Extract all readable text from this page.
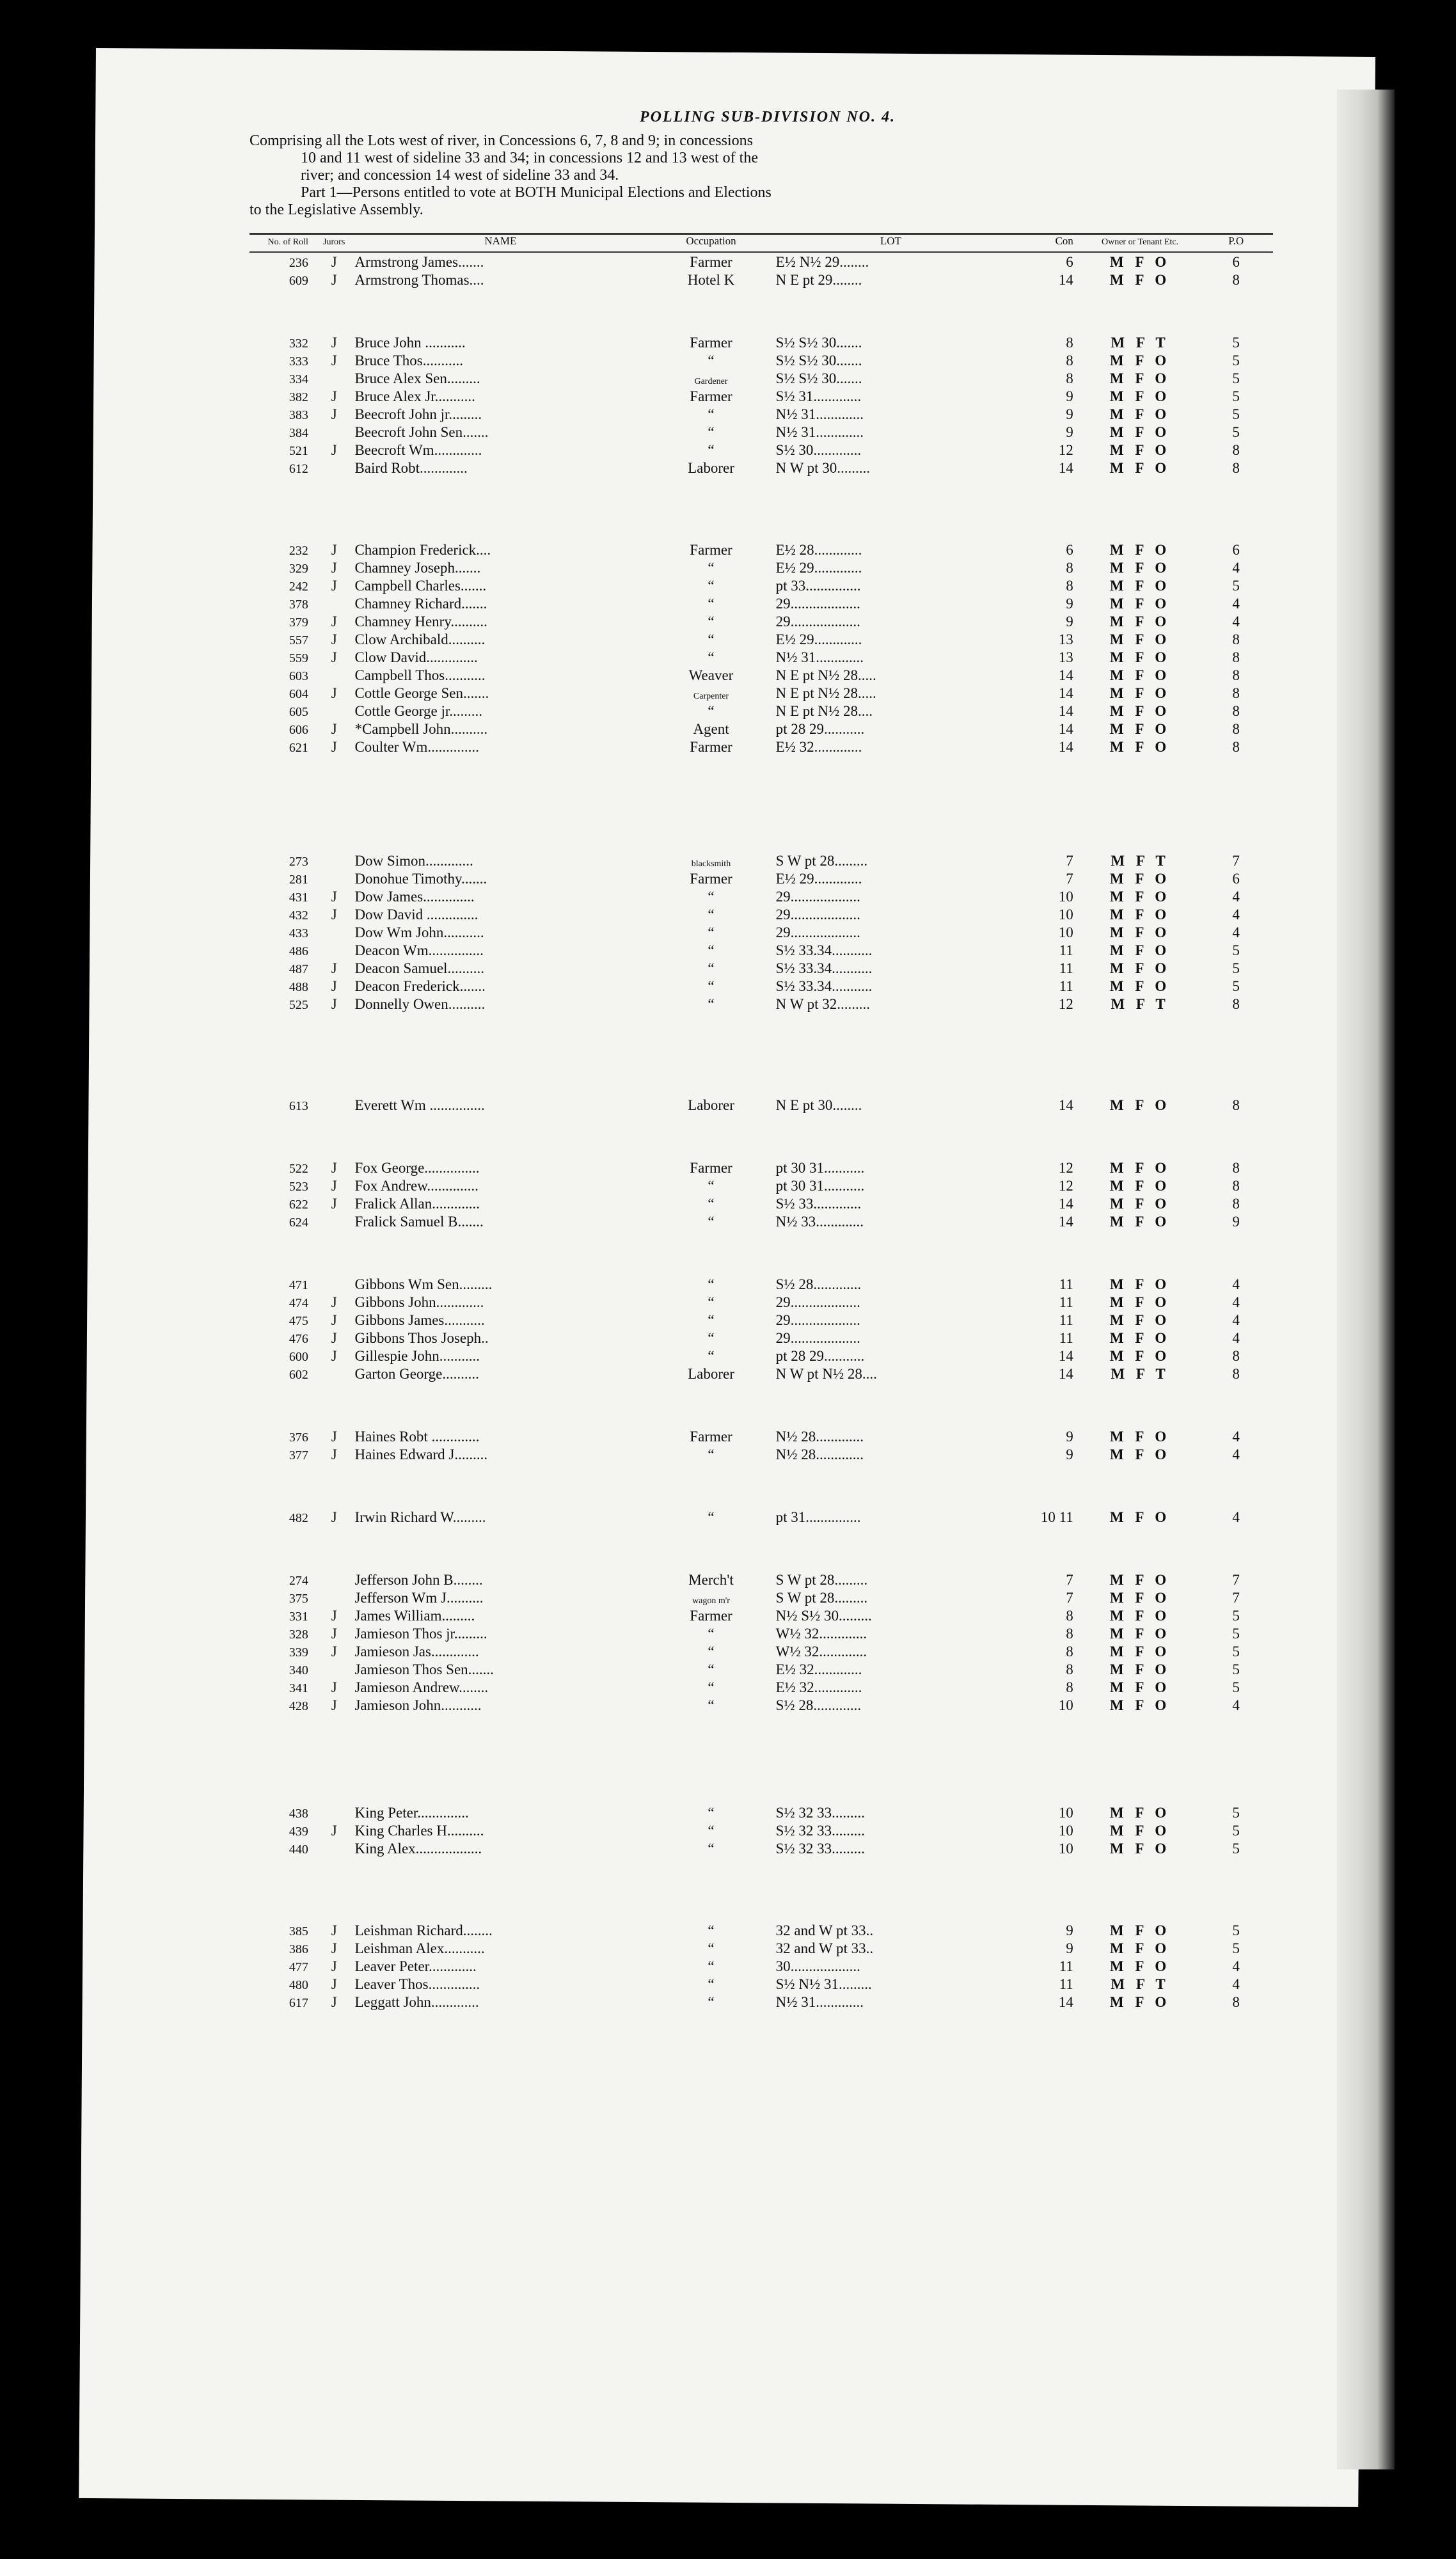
POLLING SUB-DIVISION NO. 4.

Comprising all the Lots west of river, in Concessions 6, 7, 8 and 9; in concessions

10 and 11 west of sideline 33 and 34; in concessions 12 and 13 west of the

river; and concession 14 west of sideline 33 and 34.

Part 1—Persons entitled to vote at BOTH Municipal Elections and Elections

to the Legislative Assembly.

No. of Roll	Jurors	NAME	Occupation	LOT	Con	Owner or Tenant Etc.	P.O
236	J	Armstrong James.......	Farmer	E½ N½ 29........	6	M F O	6
609	J	Armstrong Thomas....	Hotel K	N E pt 29........	14	M F O	8

332	J	Bruce John ...........	Farmer	S½ S½ 30.......	8	M F T	5
333	J	Bruce Thos...........	“	S½ S½ 30.......	8	M F O	5
334		Bruce Alex Sen.........	Gardener	S½ S½ 30.......	8	M F O	5
382	J	Bruce Alex Jr...........	Farmer	S½ 31.............	9	M F O	5
383	J	Beecroft John jr.........	“	N½ 31.............	9	M F O	5
384		Beecroft John Sen.......	“	N½ 31.............	9	M F O	5
521	J	Beecroft Wm.............	“	S½ 30.............	12	M F O	8
612		Baird Robt.............	Laborer	N W pt 30.........	14	M F O	8

232	J	Champion Frederick....	Farmer	E½ 28.............	6	M F O	6
329	J	Chamney Joseph.......	“	E½ 29.............	8	M F O	4
242	J	Campbell Charles.......	“	pt 33...............	8	M F O	5
378		Chamney Richard.......	“	29...................	9	M F O	4
379	J	Chamney Henry..........	“	29...................	9	M F O	4
557	J	Clow Archibald..........	“	E½ 29.............	13	M F O	8
559	J	Clow David..............	“	N½ 31.............	13	M F O	8
603		Campbell Thos...........	Weaver	N E pt N½ 28.....	14	M F O	8
604	J	Cottle George Sen.......	Carpenter	N E pt N½ 28.....	14	M F O	8
605		Cottle George jr.........	“	N E pt N½ 28....	14	M F O	8
606	J	*Campbell John..........	Agent	pt 28 29...........	14	M F O	8
621	J	Coulter Wm..............	Farmer	E½ 32.............	14	M F O	8

273		Dow Simon.............	blacksmith	S W pt 28.........	7	M F T	7
281		Donohue Timothy.......	Farmer	E½ 29.............	7	M F O	6
431	J	Dow James..............	“	29...................	10	M F O	4
432	J	Dow David ..............	“	29...................	10	M F O	4
433		Dow Wm John...........	“	29...................	10	M F O	4
486		Deacon Wm...............	“	S½ 33.34...........	11	M F O	5
487	J	Deacon Samuel..........	“	S½ 33.34...........	11	M F O	5
488	J	Deacon Frederick.......	“	S½ 33.34...........	11	M F O	5
525	J	Donnelly Owen..........	“	N W pt 32.........	12	M F T	8

613		Everett Wm ...............	Laborer	N E pt 30........	14	M F O	8

522	J	Fox George...............	Farmer	pt 30 31...........	12	M F O	8
523	J	Fox Andrew..............	“	pt 30 31...........	12	M F O	8
622	J	Fralick Allan.............	“	S½ 33.............	14	M F O	8
624		Fralick Samuel B.......	“	N½ 33.............	14	M F O	9

471		Gibbons Wm Sen.........	“	S½ 28.............	11	M F O	4
474	J	Gibbons John.............	“	29...................	11	M F O	4
475	J	Gibbons James...........	“	29...................	11	M F O	4
476	J	Gibbons Thos Joseph..	“	29...................	11	M F O	4
600	J	Gillespie John...........	“	pt 28 29...........	14	M F O	8
602		Garton George..........	Laborer	N W pt N½ 28....	14	M F T	8

376	J	Haines Robt .............	Farmer	N½ 28.............	9	M F O	4
377	J	Haines Edward J.........	“	N½ 28.............	9	M F O	4

482	J	Irwin Richard W.........	“	pt 31...............	10 11	M F O	4

274		Jefferson John B........	Merch't	S W pt 28.........	7	M F O	7
375		Jefferson Wm J..........	wagon m'r	S W pt 28.........	7	M F O	7
331	J	James William.........	Farmer	N½ S½ 30.........	8	M F O	5
328	J	Jamieson Thos jr.........	“	W½ 32.............	8	M F O	5
339	J	Jamieson Jas.............	“	W½ 32.............	8	M F O	5
340		Jamieson Thos Sen.......	“	E½ 32.............	8	M F O	5
341	J	Jamieson Andrew........	“	E½ 32.............	8	M F O	5
428	J	Jamieson John...........	“	S½ 28.............	10	M F O	4

438		King Peter..............	“	S½ 32 33.........	10	M F O	5
439	J	King Charles H..........	“	S½ 32 33.........	10	M F O	5
440		King Alex..................	“	S½ 32 33.........	10	M F O	5

385	J	Leishman Richard........	“	32 and W pt 33..	9	M F O	5
386	J	Leishman Alex...........	“	32 and W pt 33..	9	M F O	5
477	J	Leaver Peter.............	“	30...................	11	M F O	4
480	J	Leaver Thos..............	“	S½ N½ 31.........	11	M F T	4
617	J	Leggatt John.............	“	N½ 31.............	14	M F O	8
